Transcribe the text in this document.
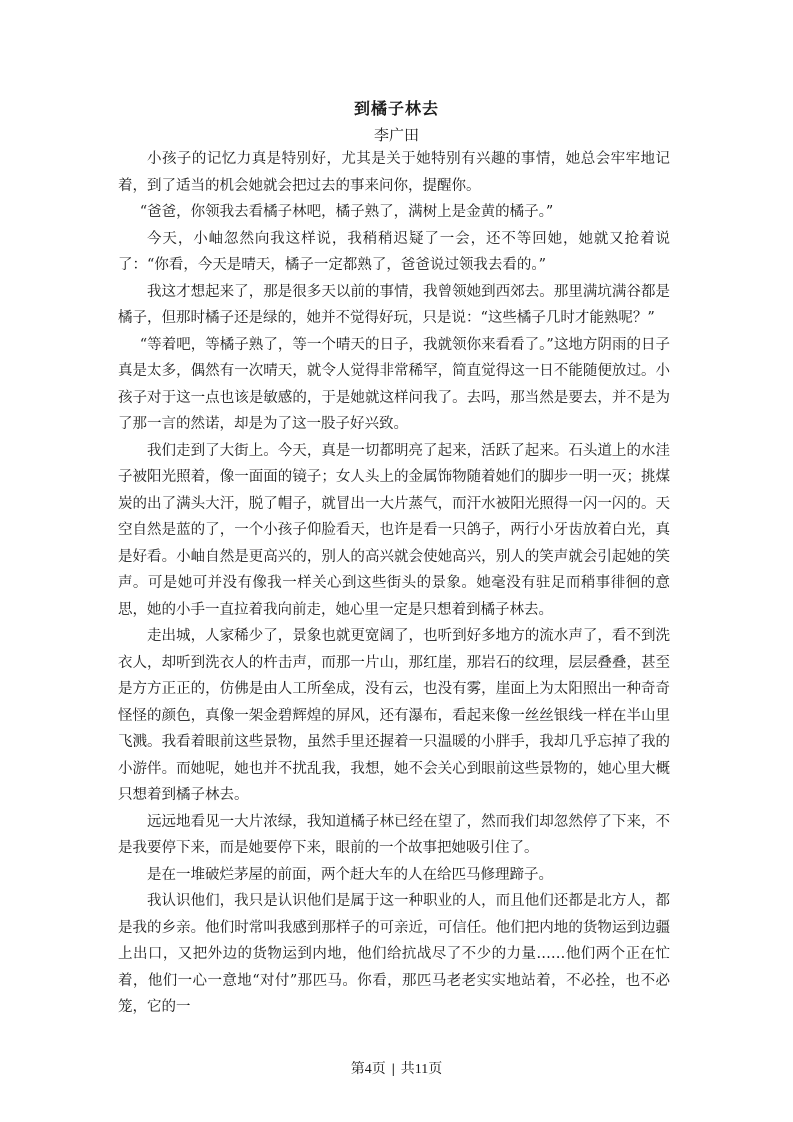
到橘子林去
李广田

小孩子的记忆力真是特别好，尤其是关于她特别有兴趣的事情，她总会牢牢地记着，到了适当的机会她就会把过去的事来问你，提醒你。

“爸爸，你领我去看橘子林吧，橘子熟了，满树上是金黄的橘子。”

今天，小岫忽然向我这样说，我稍稍迟疑了一会，还不等回她，她就又抢着说了：“你看，今天是晴天，橘子一定都熟了，爸爸说过领我去看的。”

我这才想起来了，那是很多天以前的事情，我曾领她到西郊去。那里满坑满谷都是橘子，但那时橘子还是绿的，她并不觉得好玩，只是说：“这些橘子几时才能熟呢？”

“等着吧，等橘子熟了，等一个晴天的日子，我就领你来看看了。”这地方阴雨的日子真是太多，偶然有一次晴天，就令人觉得非常稀罕，简直觉得这一日不能随便放过。小孩子对于这一点也该是敏感的，于是她就这样问我了。去吗，那当然是要去，并不是为了那一言的然诺，却是为了这一股子好兴致。

我们走到了大街上。今天，真是一切都明亮了起来，活跃了起来。石头道上的水洼子被阳光照着，像一面面的镜子；女人头上的金属饰物随着她们的脚步一明一灭；挑煤炭的出了满头大汗，脱了帽子，就冒出一大片蒸气，而汗水被阳光照得一闪一闪的。天空自然是蓝的了，一个小孩子仰脸看天，也许是看一只鸽子，两行小牙齿放着白光，真是好看。小岫自然是更高兴的，别人的高兴就会使她高兴，别人的笑声就会引起她的笑声。可是她可并没有像我一样关心到这些街头的景象。她毫没有驻足而稍事徘徊的意思，她的小手一直拉着我向前走，她心里一定是只想着到橘子林去。

走出城，人家稀少了，景象也就更宽阔了，也听到好多地方的流水声了，看不到洗衣人，却听到洗衣人的杵击声，而那一片山，那红崖，那岩石的纹理，层层叠叠，甚至是方方正正的，仿佛是由人工所垒成，没有云，也没有雾，崖面上为太阳照出一种奇奇怪怪的颜色，真像一架金碧辉煌的屏风，还有瀑布，看起来像一丝丝银线一样在半山里飞溅。我看着眼前这些景物，虽然手里还握着一只温暖的小胖手，我却几乎忘掉了我的小游伴。而她呢，她也并不扰乱我，我想，她不会关心到眼前这些景物的，她心里大概只想着到橘子林去。

远远地看见一大片浓绿，我知道橘子林已经在望了，然而我们却忽然停了下来，不是我要停下来，而是她要停下来，眼前的一个故事把她吸引住了。

是在一堆破烂茅屋的前面，两个赶大车的人在给匹马修理蹄子。

我认识他们，我只是认识他们是属于这一种职业的人，而且他们还都是北方人，都是我的乡亲。他们时常叫我感到那样子的可亲近，可信任。他们把内地的货物运到边疆上出口，又把外边的货物运到内地，他们给抗战尽了不少的力量……他们两个正在忙着，他们一心一意地“对付”那匹马。你看，那匹马老老实实地站着，不必拴，也不必笼，它的一

第4页 | 共11页
